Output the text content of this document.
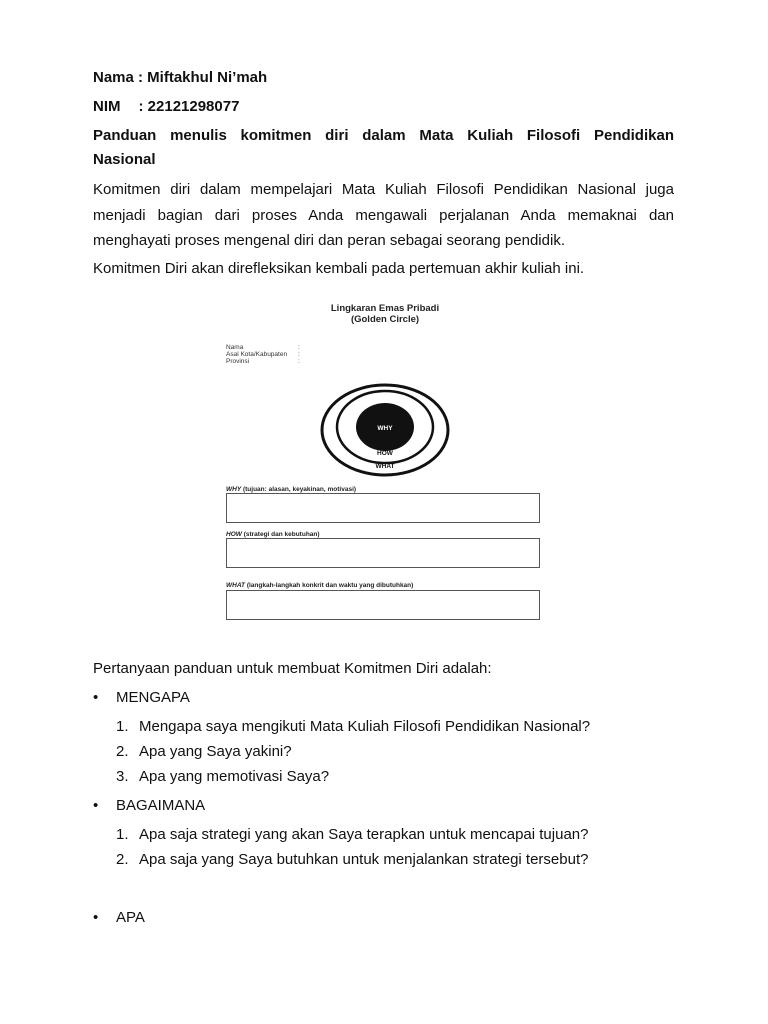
Nama : Miftakhul Ni’mah
NIM : 22121298077
Panduan menulis komitmen diri dalam Mata Kuliah Filosofi Pendidikan
Nasional
Komitmen diri dalam mempelajari Mata Kuliah Filosofi Pendidikan Nasional juga
menjadi bagian dari proses Anda mengawali perjalanan Anda memaknai dan
menghayati proses mengenal diri dan peran sebagai seorang pendidik.
Komitmen Diri akan direfleksikan kembali pada pertemuan akhir kuliah ini.
Lingkaran Emas Pribadi
(Golden Circle)
Nama	:
Asal Kota/Kabupaten :
Provinsi	:
WHY
HOW
WHAT
WHY (tujuan: alasan, keyakinan, motivasi)
HOW (strategi dan kebutuhan)
WHAT (langkah-langkah konkrit dan waktu yang dibutuhkan)
Pertanyaan panduan untuk membuat Komitmen Diri adalah:
• MENGAPA
1. Mengapa saya mengikuti Mata Kuliah Filosofi Pendidikan Nasional?
2. Apa yang Saya yakini?
3. Apa yang memotivasi Saya?
• BAGAIMANA
1. Apa saja strategi yang akan Saya terapkan untuk mencapai tujuan?
2. Apa saja yang Saya butuhkan untuk menjalankan strategi tersebut?
• APA
